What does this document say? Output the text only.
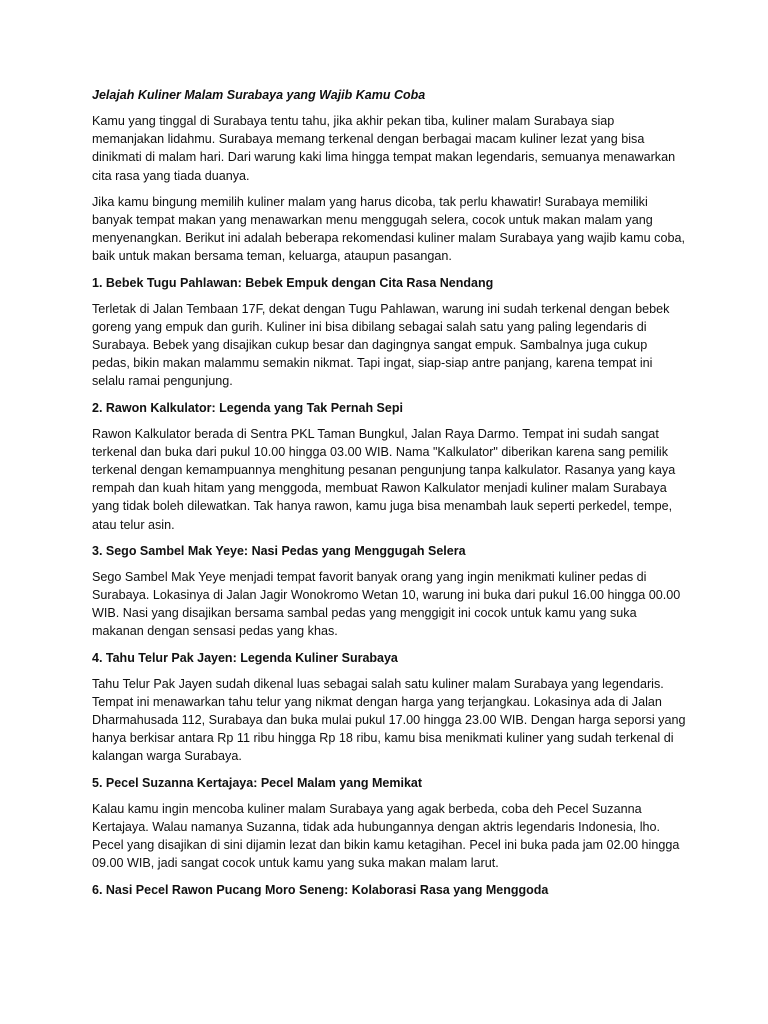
Jelajah Kuliner Malam Surabaya yang Wajib Kamu Coba

Kamu yang tinggal di Surabaya tentu tahu, jika akhir pekan tiba, kuliner malam Surabaya siap memanjakan lidahmu. Surabaya memang terkenal dengan berbagai macam kuliner lezat yang bisa dinikmati di malam hari. Dari warung kaki lima hingga tempat makan legendaris, semuanya menawarkan cita rasa yang tiada duanya.

Jika kamu bingung memilih kuliner malam yang harus dicoba, tak perlu khawatir! Surabaya memiliki banyak tempat makan yang menawarkan menu menggugah selera, cocok untuk makan malam yang menyenangkan. Berikut ini adalah beberapa rekomendasi kuliner malam Surabaya yang wajib kamu coba, baik untuk makan bersama teman, keluarga, ataupun pasangan.

1. Bebek Tugu Pahlawan: Bebek Empuk dengan Cita Rasa Nendang

Terletak di Jalan Tembaan 17F, dekat dengan Tugu Pahlawan, warung ini sudah terkenal dengan bebek goreng yang empuk dan gurih. Kuliner ini bisa dibilang sebagai salah satu yang paling legendaris di Surabaya. Bebek yang disajikan cukup besar dan dagingnya sangat empuk. Sambalnya juga cukup pedas, bikin makan malammu semakin nikmat. Tapi ingat, siap-siap antre panjang, karena tempat ini selalu ramai pengunjung.

2. Rawon Kalkulator: Legenda yang Tak Pernah Sepi

Rawon Kalkulator berada di Sentra PKL Taman Bungkul, Jalan Raya Darmo. Tempat ini sudah sangat terkenal dan buka dari pukul 10.00 hingga 03.00 WIB. Nama "Kalkulator" diberikan karena sang pemilik terkenal dengan kemampuannya menghitung pesanan pengunjung tanpa kalkulator. Rasanya yang kaya rempah dan kuah hitam yang menggoda, membuat Rawon Kalkulator menjadi kuliner malam Surabaya yang tidak boleh dilewatkan. Tak hanya rawon, kamu juga bisa menambah lauk seperti perkedel, tempe, atau telur asin.

3. Sego Sambel Mak Yeye: Nasi Pedas yang Menggugah Selera

Sego Sambel Mak Yeye menjadi tempat favorit banyak orang yang ingin menikmati kuliner pedas di Surabaya. Lokasinya di Jalan Jagir Wonokromo Wetan 10, warung ini buka dari pukul 16.00 hingga 00.00 WIB. Nasi yang disajikan bersama sambal pedas yang menggigit ini cocok untuk kamu yang suka makanan dengan sensasi pedas yang khas.

4. Tahu Telur Pak Jayen: Legenda Kuliner Surabaya

Tahu Telur Pak Jayen sudah dikenal luas sebagai salah satu kuliner malam Surabaya yang legendaris. Tempat ini menawarkan tahu telur yang nikmat dengan harga yang terjangkau. Lokasinya ada di Jalan Dharmahusada 112, Surabaya dan buka mulai pukul 17.00 hingga 23.00 WIB. Dengan harga seporsi yang hanya berkisar antara Rp 11 ribu hingga Rp 18 ribu, kamu bisa menikmati kuliner yang sudah terkenal di kalangan warga Surabaya.

5. Pecel Suzanna Kertajaya: Pecel Malam yang Memikat

Kalau kamu ingin mencoba kuliner malam Surabaya yang agak berbeda, coba deh Pecel Suzanna Kertajaya. Walau namanya Suzanna, tidak ada hubungannya dengan aktris legendaris Indonesia, lho. Pecel yang disajikan di sini dijamin lezat dan bikin kamu ketagihan. Pecel ini buka pada jam 02.00 hingga 09.00 WIB, jadi sangat cocok untuk kamu yang suka makan malam larut.

6. Nasi Pecel Rawon Pucang Moro Seneng: Kolaborasi Rasa yang Menggoda
